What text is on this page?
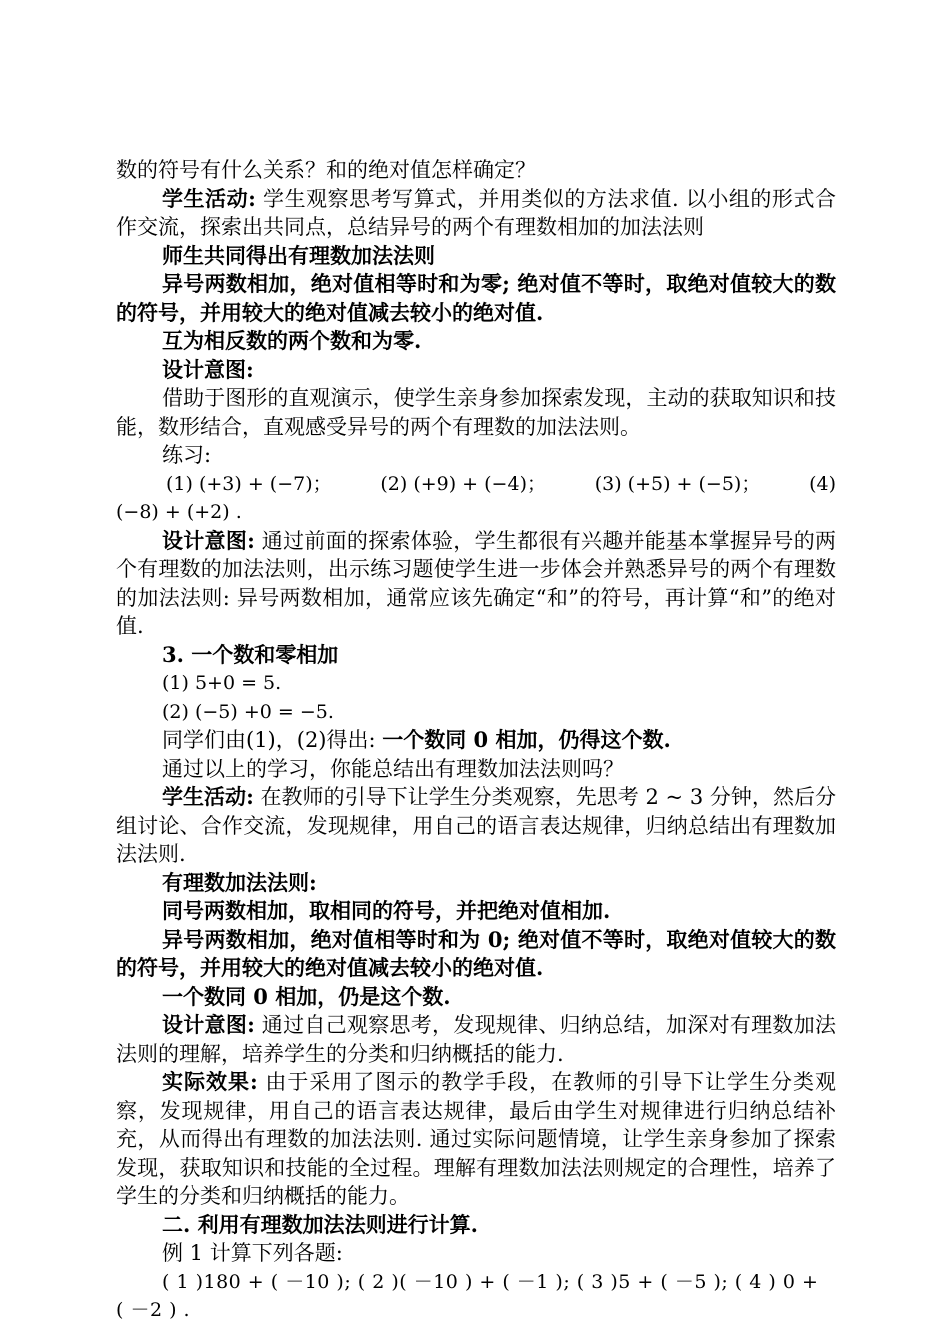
数的符号有什么关系？和的绝对值怎样确定？

学生活动: 学生观察思考写算式，并用类似的方法求值. 以小组的形式合作交流，探索出共同点，总结异号的两个有理数相加的加法法则

师生共同得出有理数加法法则

异号两数相加，绝对值相等时和为零; 绝对值不等时，取绝对值较大的数的符号，并用较大的绝对值减去较小的绝对值.

互为相反数的两个数和为零.

设计意图:

借助于图形的直观演示，使学生亲身参加探索发现，主动的获取知识和技能，数形结合，直观感受异号的两个有理数的加法法则。

练习:

(1) (+3) + (−7)；	(2) (+9) + (−4)；	(3) (+5) + (−5)；	(4)

(−8) + (+2) .

设计意图: 通过前面的探索体验，学生都很有兴趣并能基本掌握异号的两个有理数的加法法则，出示练习题使学生进一步体会并熟悉异号的两个有理数的加法法则: 异号两数相加，通常应该先确定“和”的符号，再计算“和”的绝对值.

3. 一个数和零相加

(1) 5+0 = 5.

(2) (−5) +0 = −5.

同学们由(1)，(2)得出: 一个数同 0 相加，仍得这个数.

通过以上的学习，你能总结出有理数加法法则吗？

学生活动: 在教师的引导下让学生分类观察，先思考 2 ~ 3 分钟，然后分组讨论、合作交流，发现规律，用自己的语言表达规律，归纳总结出有理数加法法则.

有理数加法法则:

同号两数相加，取相同的符号，并把绝对值相加.

异号两数相加，绝对值相等时和为 0; 绝对值不等时，取绝对值较大的数的符号，并用较大的绝对值减去较小的绝对值.

一个数同 0 相加，仍是这个数.

设计意图: 通过自己观察思考，发现规律、归纳总结，加深对有理数加法法则的理解，培养学生的分类和归纳概括的能力.

实际效果: 由于采用了图示的教学手段，在教师的引导下让学生分类观察，发现规律，用自己的语言表达规律，最后由学生对规律进行归纳总结补充，从而得出有理数的加法法则. 通过实际问题情境，让学生亲身参加了探索发现，获取知识和技能的全过程。理解有理数加法法则规定的合理性，培养了学生的分类和归纳概括的能力。

二. 利用有理数加法法则进行计算.

例 1 计算下列各题:

( 1 )180 + ( －10 ); ( 2 )( －10 ) + ( －1 ); ( 3 )5 + ( －5 ); ( 4 ) 0 +

( －2 ) .
